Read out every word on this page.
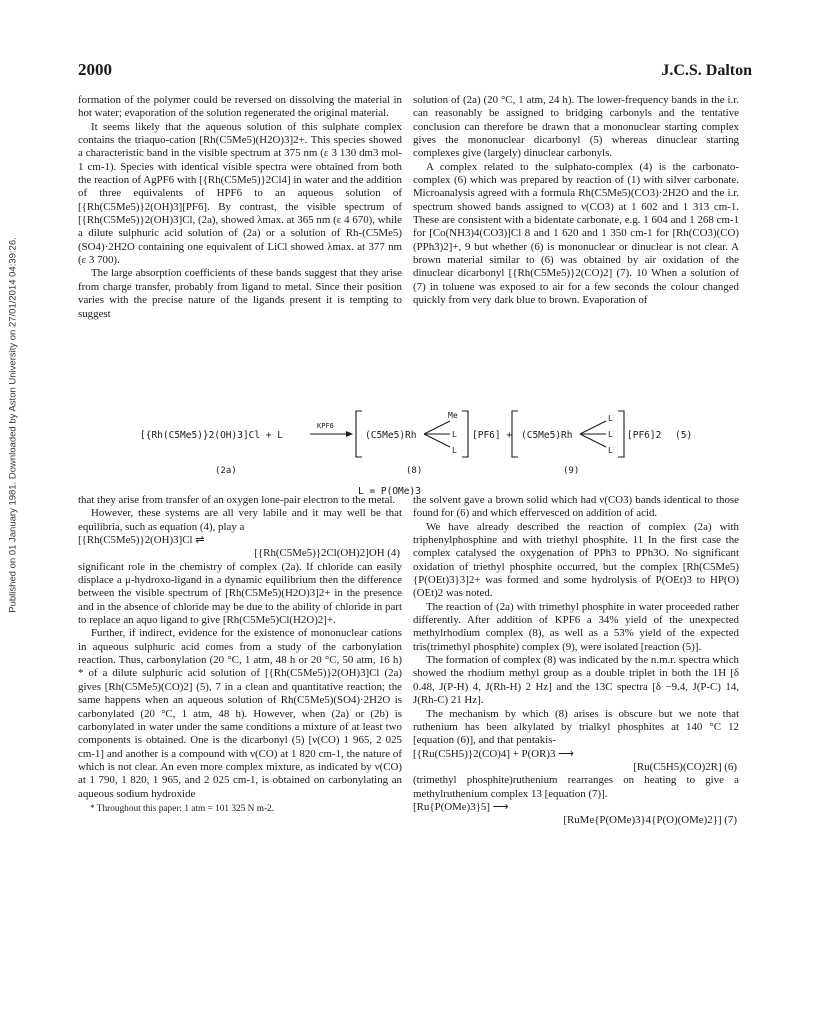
Published on 01 January 1981. Downloaded by Aston University on 27/01/2014 04:39:26.
2000	J.C.S. Dalton

formation of the polymer could be reversed on dissolving the material in hot water; evaporation of the solution regenerated the original material.

It seems likely that the aqueous solution of this sulphate complex contains the triaquo-cation [Rh(C5Me5)(H2O)3]2+. This species showed a characteristic band in the visible spectrum at 375 nm (ε 3 130 dm3 mol-1 cm-1). Species with identical visible spectra were obtained from both the reaction of AgPF6 with [{Rh(C5Me5)}2Cl4] in water and the addition of three equivalents of HPF6 to an aqueous solution of [{Rh(C5Me5)}2(OH)3][PF6]. By contrast, the visible spectrum of [{Rh(C5Me5)}2(OH)3]Cl, (2a), showed λmax. at 365 nm (ε 4 670), while a dilute sulphuric acid solution of (2a) or a solution of Rh-(C5Me5)(SO4)·2H2O containing one equivalent of LiCl showed λmax. at 377 nm (ε 3 700).

The large absorption coefficients of these bands suggest that they arise from charge transfer, probably from ligand to metal. Since their position varies with the precise nature of the ligands present it is tempting to suggest

solution of (2a) (20 °C, 1 atm, 24 h). The lower-frequency bands in the i.r. can reasonably be assigned to bridging carbonyls and the tentative conclusion can therefore be drawn that a mononuclear starting complex gives the mononuclear dicarbonyl (5) whereas dinuclear starting complexes give (largely) dinuclear carbonyls.

A complex related to the sulphato-complex (4) is the carbonato-complex (6) which was prepared by reaction of (1) with silver carbonate. Microanalysis agreed with a formula Rh(C5Me5)(CO3)·2H2O and the i.r. spectrum showed bands assigned to ν(CO3) at 1 602 and 1 313 cm-1. These are consistent with a bidentate carbonate, e.g. 1 604 and 1 268 cm-1 for [Co(NH3)4(CO3)]Cl 8 and 1 620 and 1 350 cm-1 for [Rh(CO3)(CO)(PPh3)2]+, 9 but whether (6) is mononuclear or dinuclear is not clear. A brown material similar to (6) was obtained by air oxidation of the dinuclear dicarbonyl [{Rh(C5Me5)}2(CO)2] (7). 10 When a solution of (7) in toluene was exposed to air for a few seconds the colour changed quickly from very dark blue to brown. Evaporation of

[{Rh(C5Me5)}2(OH)3]Cl + L
KPF6
(C5Me5)Rh
Me
L
L
[PF6] + (C5Me5)Rh
L
L
L
[PF6]2 (5)
(2a)	(8)	(9)
L = P(OMe)3

that they arise from transfer of an oxygen lone-pair electron to the metal.

However, these systems are all very labile and it may well be that equilibria, such as equation (4), play a

[{Rh(C5Me5)}2(OH)3]Cl ⇌

[{Rh(C5Me5)}2Cl(OH)2]OH (4)

significant role in the chemistry of complex (2a). If chloride can easily displace a μ-hydroxo-ligand in a dynamic equilibrium then the difference between the visible spectrum of [Rh(C5Me5)(H2O)3]2+ in the presence and in the absence of chloride may be due to the ability of chloride in part to replace an aquo ligand to give [Rh(C5Me5)Cl(H2O)2]+.

Further, if indirect, evidence for the existence of mononuclear cations in aqueous sulphuric acid comes from a study of the carbonylation reaction. Thus, carbonylation (20 °C, 1 atm, 48 h or 20 °C, 50 atm, 16 h) * of a dilute sulphuric acid solution of [{Rh(C5Me5)}2(OH)3]Cl (2a) gives [Rh(C5Me5)(CO)2] (5), 7 in a clean and quantitative reaction; the same happens when an aqueous solution of Rh(C5Me5)(SO4)·2H2O is carbonylated (20 °C, 1 atm, 48 h). However, when (2a) or (2b) is carbonylated in water under the same conditions a mixture of at least two components is obtained. One is the dicarbonyl (5) [ν(CO) 1 965, 2 025 cm-1] and another is a compound with ν(CO) at 1 820 cm-1, the nature of which is not clear. An even more complex mixture, as indicated by ν(CO) at 1 790, 1 820, 1 965, and 2 025 cm-1, is obtained on carbonylating an aqueous sodium hydroxide

* Throughout this paper: 1 atm = 101 325 N m-2.

the solvent gave a brown solid which had ν(CO3) bands identical to those found for (6) and which effervesced on addition of acid.

We have already described the reaction of complex (2a) with triphenylphosphine and with triethyl phosphite. 11 In the first case the complex catalysed the oxygenation of PPh3 to PPh3O. No significant oxidation of triethyl phosphite occurred, but the complex [Rh(C5Me5){P(OEt)3}3]2+ was formed and some hydrolysis of P(OEt)3 to HP(O)(OEt)2 was noted.

The reaction of (2a) with trimethyl phosphite in water proceeded rather differently. After addition of KPF6 a 34% yield of the unexpected methylrhodium complex (8), as well as a 53% yield of the expected tris(trimethyl phosphite) complex (9), were isolated [reaction (5)].

The formation of complex (8) was indicated by the n.m.r. spectra which showed the rhodium methyl group as a double triplet in both the 1H [δ 0.48, J(P-H) 4, J(Rh-H) 2 Hz] and the 13C spectra [δ −9.4, J(P-C) 14, J(Rh-C) 21 Hz].

The mechanism by which (8) arises is obscure but we note that ruthenium has been alkylated by trialkyl phosphites at 140 °C 12 [equation (6)], and that pentakis-

[{Ru(C5H5)}2(CO)4] + P(OR)3 ⟶

[Ru(C5H5)(CO)2R] (6)

(trimethyl phosphite)ruthenium rearranges on heating to give a methylruthenium complex 13 [equation (7)].

[Ru{P(OMe)3}5] ⟶

[RuMe{P(OMe)3}4{P(O)(OMe)2}] (7)
